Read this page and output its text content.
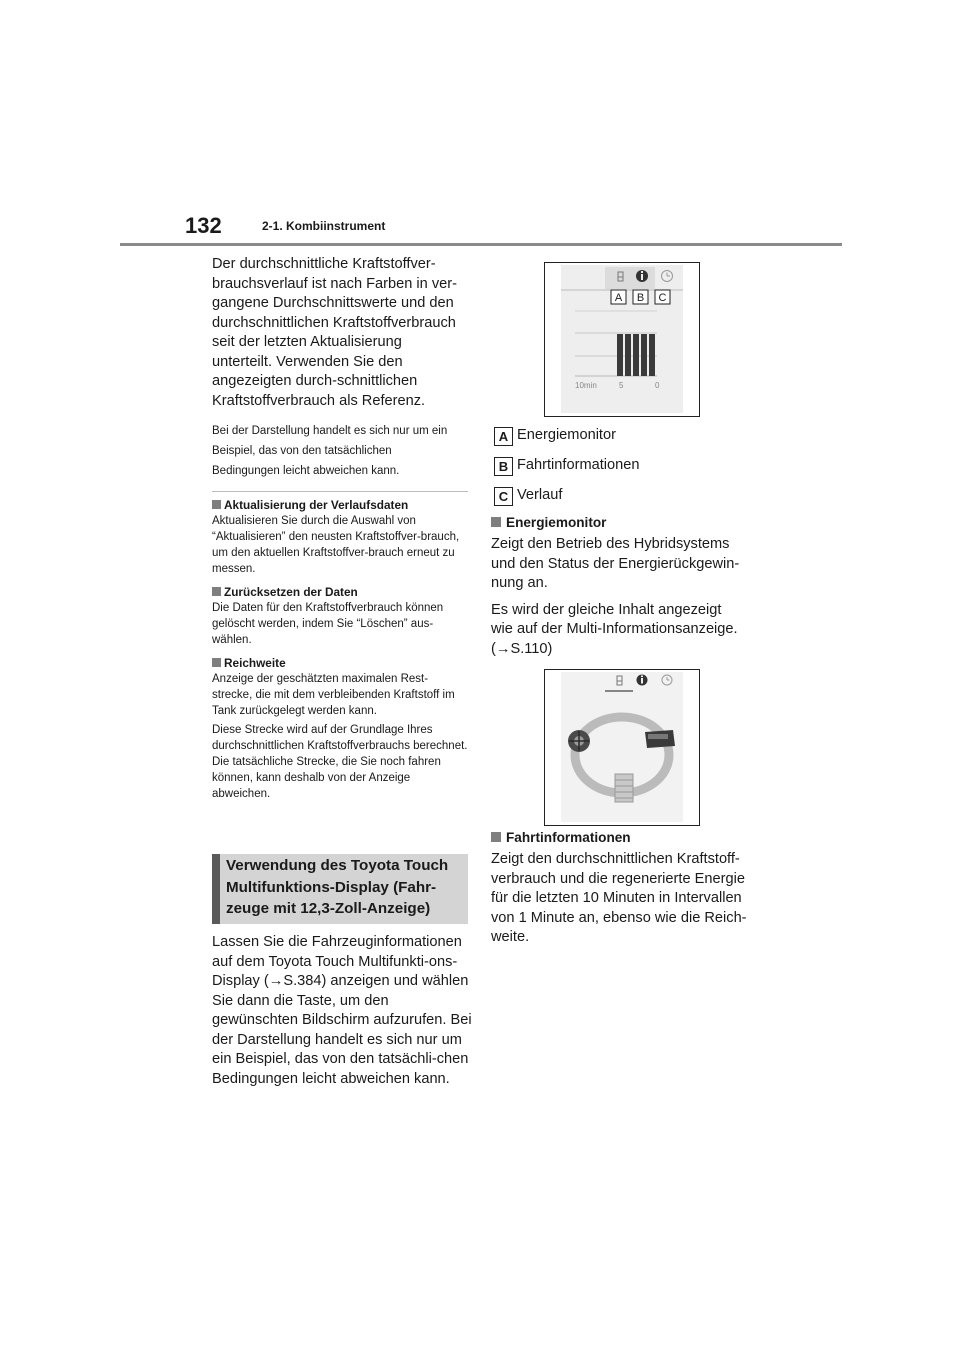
132	2-1. Kombiinstrument

Der durchschnittliche Kraftstoffver-brauchsverlauf ist nach Farben in ver-gangene Durchschnittswerte und den durchschnittlichen Kraftstoffverbrauch seit der letzten Aktualisierung unterteilt. Verwenden Sie den angezeigten durch-schnittlichen Kraftstoffverbrauch als Referenz.

Bei der Darstellung handelt es sich nur um ein Beispiel, das von den tatsächlichen Bedingungen leicht abweichen kann.

Aktualisierung der Verlaufsdaten

Aktualisieren Sie durch die Auswahl von “Aktualisieren” den neusten Kraftstoffver-brauch, um den aktuellen Kraftstoffver-brauch erneut zu messen.

Zurücksetzen der Daten

Die Daten für den Kraftstoffverbrauch können gelöscht werden, indem Sie “Löschen” aus-wählen.

Reichweite

Anzeige der geschätzten maximalen Rest-strecke, die mit dem verbleibenden Kraftstoff im Tank zurückgelegt werden kann.

Diese Strecke wird auf der Grundlage Ihres durchschnittlichen Kraftstoffverbrauchs berechnet.

Die tatsächliche Strecke, die Sie noch fahren können, kann deshalb von der Anzeige abweichen.

Verwendung des Toyota Touch Multifunktions-Display (Fahr-zeuge mit 12,3-Zoll-Anzeige)

Lassen Sie die Fahrzeuginformationen auf dem Toyota Touch Multifunkti-ons-Display (→S.384) anzeigen und wählen Sie dann die Taste, um den gewünschten Bildschirm aufzurufen. Bei der Darstellung handelt es sich nur um ein Beispiel, das von den tatsächli-chen Bedingungen leicht abweichen kann.

A B C
10min	5	0
A Energiemonitor
B Fahrtinformationen
C Verlauf

Energiemonitor

Zeigt den Betrieb des Hybridsystems und den Status der Energierückgewin-nung an.

Es wird der gleiche Inhalt angezeigt wie auf der Multi-Informationsanzeige. (→S.110)

Fahrtinformationen

Zeigt den durchschnittlichen Kraftstoff-verbrauch und die regenerierte Energie für die letzten 10 Minuten in Intervallen von 1 Minute an, ebenso wie die Reich-weite.
